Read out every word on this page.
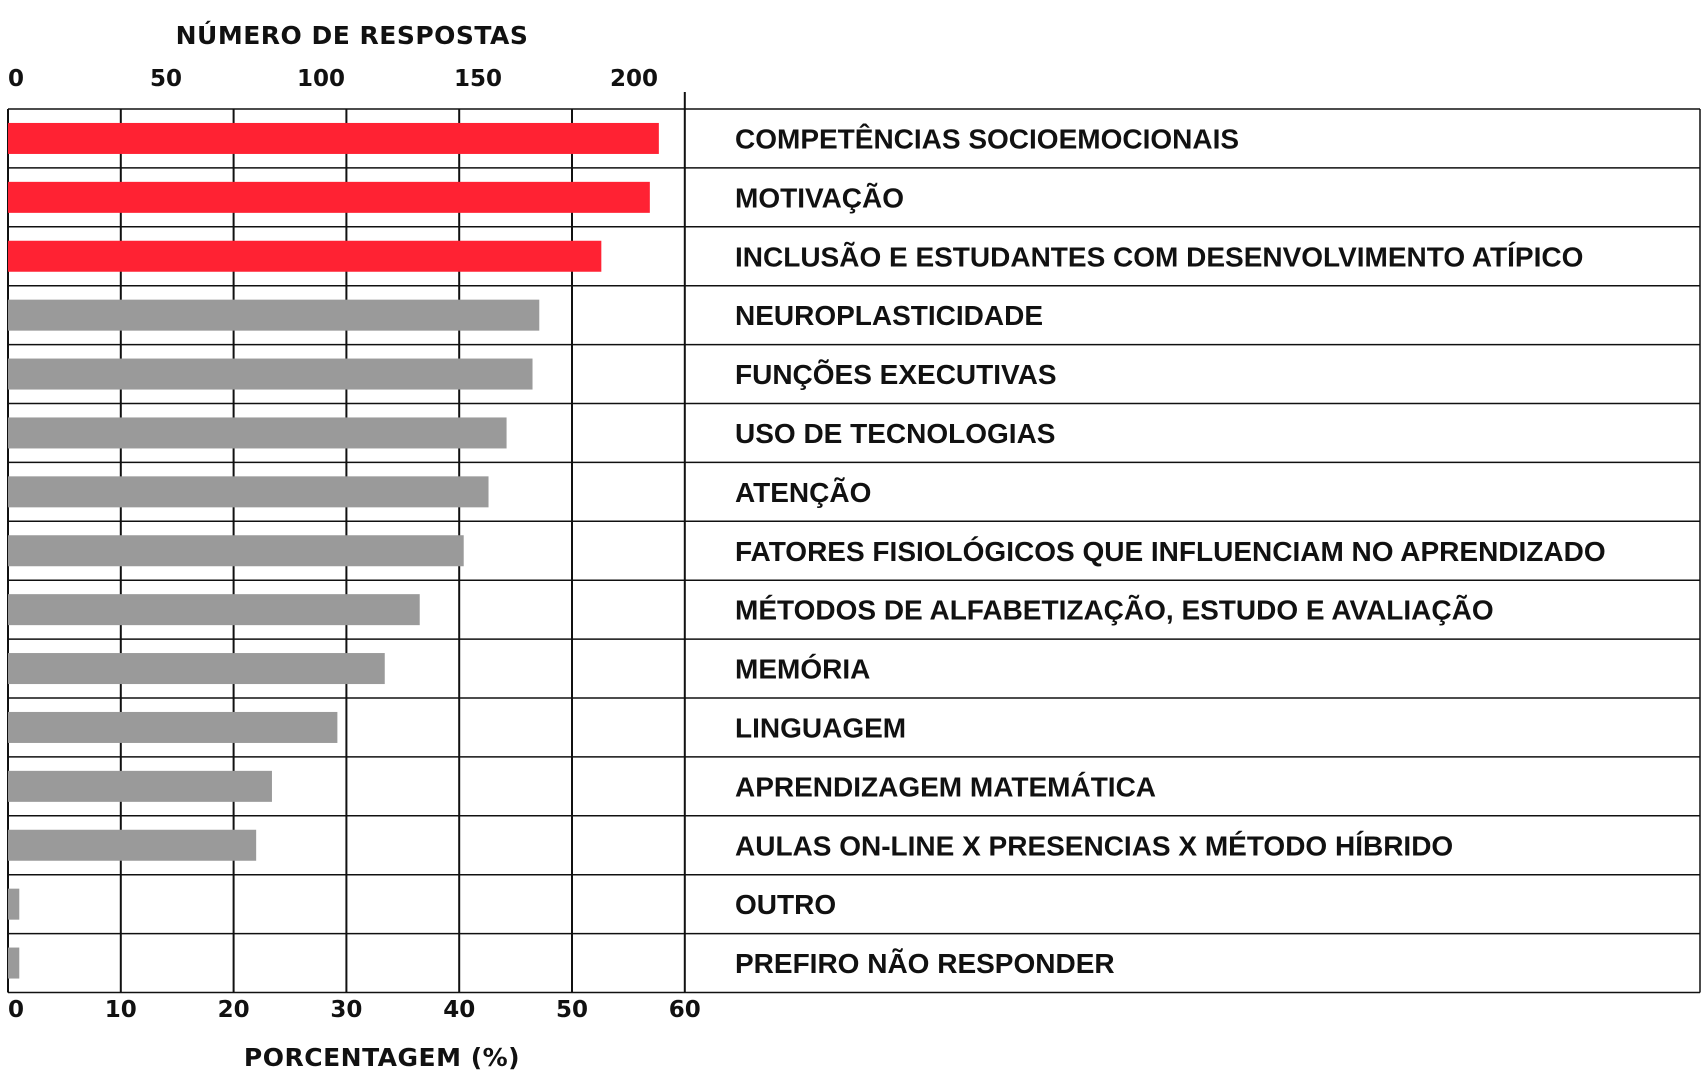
NÚMERO DE RESPOSTAS
0	50	100	150	200
COMPETÊNCIAS SOCIOEMOCIONAIS
MOTIVAÇÃO
INCLUSÃO E ESTUDANTES COM DESENVOLVIMENTO ATÍPICO
NEUROPLASTICIDADE
FUNÇÕES EXECUTIVAS
USO DE TECNOLOGIAS
ATENÇÃO
FATORES FISIOLÓGICOS QUE INFLUENCIAM NO APRENDIZADO
MÉTODOS DE ALFABETIZAÇÃO, ESTUDO E AVALIAÇÃO
MEMÓRIA
LINGUAGEM
APRENDIZAGEM MATEMÁTICA
AULAS ON-LINE X PRESENCIAS X MÉTODO HÍBRIDO
OUTRO
PREFIRO NÃO RESPONDER
0	10	20	30	40	50	60
PORCENTAGEM (%)
